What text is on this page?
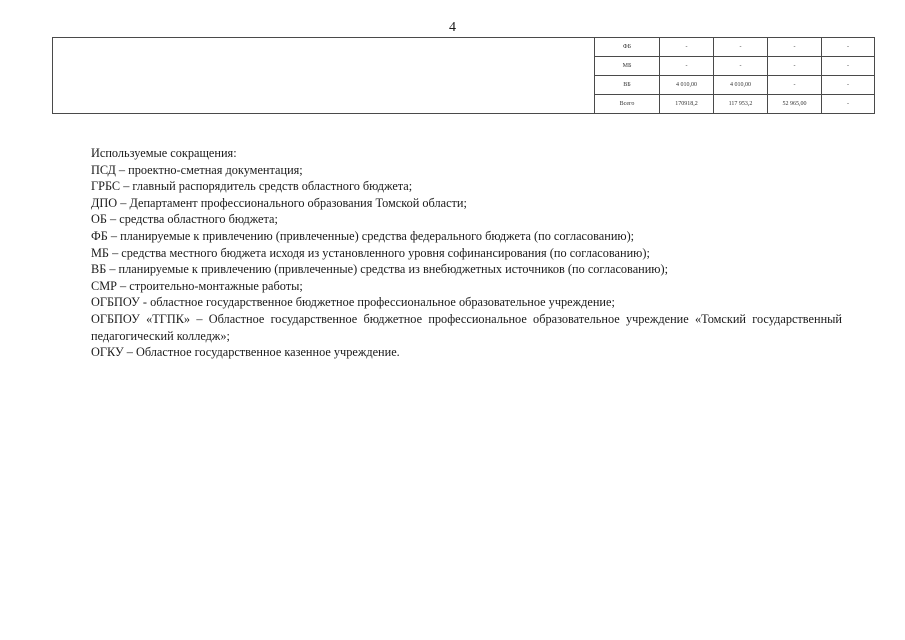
4
	ФБ	-	-	-	-
	МБ	-	-	-	-
	ВБ	4 010,00	4 010,00	-	-
	Всего	170918,2	117 953,2	52 965,00	-

Используемые сокращения:

ПСД – проектно-сметная документация;

ГРБС – главный распорядитель средств областного бюджета;

ДПО – Департамент профессионального образования Томской области;

ОБ – средства областного бюджета;

ФБ – планируемые к привлечению (привлеченные) средства федерального бюджета (по согласованию);

МБ – средства местного бюджета исходя из установленного уровня софинансирования (по согласованию);

ВБ – планируемые к привлечению (привлеченные) средства из внебюджетных источников (по согласованию);

СМР – строительно-монтажные работы;

ОГБПОУ - областное государственное бюджетное профессиональное образовательное учреждение;

ОГБПОУ «ТГПК» – Областное государственное бюджетное профессиональное образовательное учреждение «Томский государственный педагогический колледж»;

ОГКУ – Областное государственное казенное учреждение.
